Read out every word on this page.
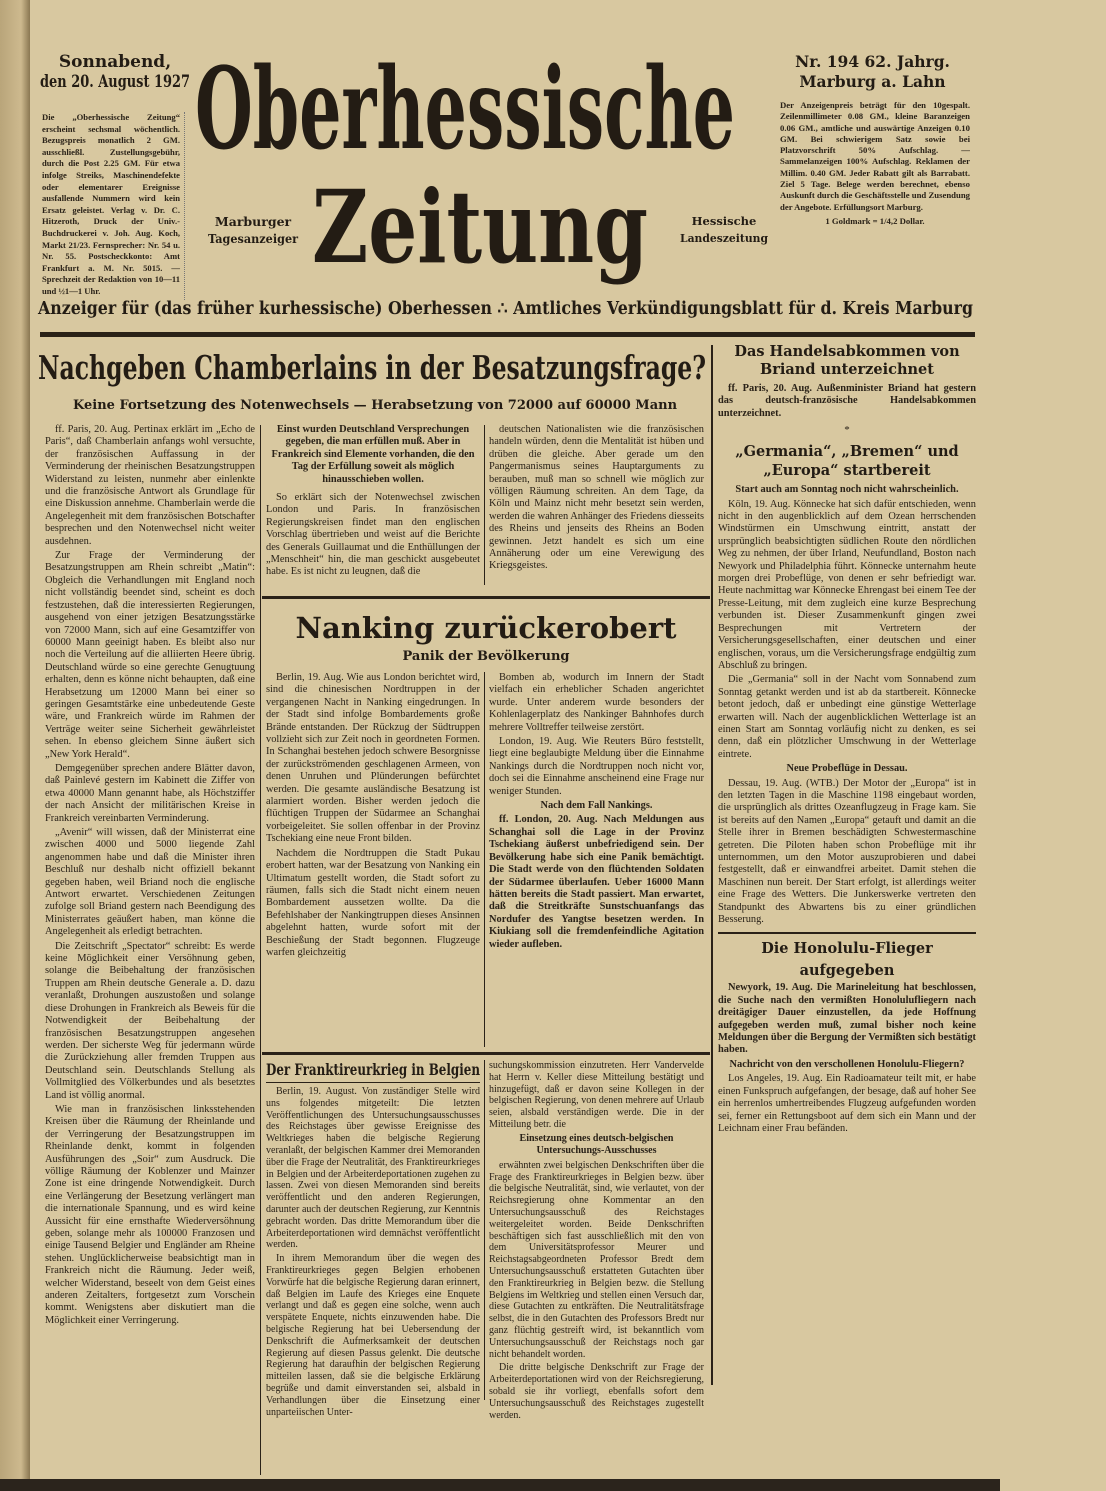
Sonnabend,
den 20. August 1927

Die „Oberhessische Zeitung“ erscheint sechsmal wöchentlich. Bezugspreis monatlich 2 GM. ausschließl. Zustellungsgebühr, durch die Post 2.25 GM. Für etwa infolge Streiks, Maschinendefekte oder elementarer Ereignisse ausfallende Nummern wird kein Ersatz geleistet. Verlag v. Dr. C. Hitzeroth, Druck der Univ.-Buchdruckerei v. Joh. Aug. Koch, Markt 21/23. Fernsprecher: Nr. 54 u. Nr. 55. Postscheckkonto: Amt Frankfurt a. M. Nr. 5015. — Sprechzeit der Redaktion von 10—11 und ½1—1 Uhr.

Oberhessische
Zeitung
Marburger
Tagesanzeiger
Hessische
Landeszeitung
Nr. 194 62. Jahrg.
Marburg a. Lahn

Der Anzeigenpreis beträgt für den 10gespalt. Zeilenmillimeter 0.08 GM., kleine Baranzeigen 0.06 GM., amtliche und auswärtige Anzeigen 0.10 GM. Bei schwierigem Satz sowie bei Platzvorschrift 50% Aufschlag. — Sammelanzeigen 100% Aufschlag. Reklamen der Millim. 0.40 GM. Jeder Rabatt gilt als Barrabatt. Ziel 5 Tage. Belege werden berechnet, ebenso Auskunft durch die Geschäftsstelle und Zusendung der Angebote. Erfüllungsort Marburg.

1 Goldmark = 1/4,2 Dollar.

Anzeiger für (das früher kurhessische) Oberhessen ∴ Amtliches Verkündigungsblatt für d. Kreis Marburg
Nachgeben Chamberlains in der Besatzungsfrage?
Keine Fortsetzung des Notenwechsels — Herabsetzung von 72000 auf 60000 Mann

ff. Paris, 20. Aug. Pertinax erklärt im „Echo de Paris“, daß Chamberlain anfangs wohl versuchte, der französischen Auffassung in der Verminderung der rheinischen Besatzungstruppen Widerstand zu leisten, nunmehr aber einlenkte und die französische Antwort als Grundlage für eine Diskussion annehme. Chamberlain werde die Angelegenheit mit dem französischen Botschafter besprechen und den Notenwechsel nicht weiter ausdehnen.

Zur Frage der Verminderung der Besatzungstruppen am Rhein schreibt „Matin“: Obgleich die Verhandlungen mit England noch nicht vollständig beendet sind, scheint es doch festzustehen, daß die interessierten Regierungen, ausgehend von einer jetzigen Besatzungsstärke von 72000 Mann, sich auf eine Gesamtziffer von 60000 Mann geeinigt haben. Es bleibt also nur noch die Verteilung auf die alliierten Heere übrig. Deutschland würde so eine gerechte Genugtuung erhalten, denn es könne nicht behaupten, daß eine Herabsetzung um 12000 Mann bei einer so geringen Gesamtstärke eine unbedeutende Geste wäre, und Frankreich würde im Rahmen der Verträge weiter seine Sicherheit gewährleistet sehen. In ebenso gleichem Sinne äußert sich „New York Herald“.

Demgegenüber sprechen andere Blätter davon, daß Painlevé gestern im Kabinett die Ziffer von etwa 40000 Mann genannt habe, als Höchstziffer der nach Ansicht der militärischen Kreise in Frankreich vereinbarten Verminderung.

„Avenir“ will wissen, daß der Ministerrat eine zwischen 4000 und 5000 liegende Zahl angenommen habe und daß die Minister ihren Beschluß nur deshalb nicht offiziell bekannt gegeben haben, weil Briand noch die englische Antwort erwartet. Verschiedenen Zeitungen zufolge soll Briand gestern nach Beendigung des Ministerrates geäußert haben, man könne die Angelegenheit als erledigt betrachten.

Die Zeitschrift „Spectator“ schreibt: Es werde keine Möglichkeit einer Versöhnung geben, solange die Beibehaltung der französischen Truppen am Rhein deutsche Generale a. D. dazu veranlaßt, Drohungen auszustoßen und solange diese Drohungen in Frankreich als Beweis für die Notwendigkeit der Beibehaltung der französischen Besatzungstruppen angesehen werden. Der sicherste Weg für jedermann würde die Zurückziehung aller fremden Truppen aus Deutschland sein. Deutschlands Stellung als Vollmitglied des Völkerbundes und als besetztes Land ist völlig anormal.

Wie man in französischen linksstehenden Kreisen über die Räumung der Rheinlande und der Verringerung der Besatzungstruppen im Rheinlande denkt, kommt in folgenden Ausführungen des „Soir“ zum Ausdruck. Die völlige Räumung der Koblenzer und Mainzer Zone ist eine dringende Notwendigkeit. Durch eine Verlängerung der Besetzung verlängert man die internationale Spannung, und es wird keine Aussicht für eine ernsthafte Wiederversöhnung geben, solange mehr als 100000 Franzosen und einige Tausend Belgier und Engländer am Rheine stehen. Unglücklicherweise beabsichtigt man in Frankreich nicht die Räumung. Jeder weiß, welcher Widerstand, beseelt von dem Geist eines anderen Zeitalters, fortgesetzt zum Vorschein kommt. Wenigstens aber diskutiert man die Möglichkeit einer Verringerung.

Einst wurden Deutschland Versprechungen gegeben, die man erfüllen muß. Aber in Frankreich sind Elemente vorhanden, die den Tag der Erfüllung soweit als möglich hinausschieben wollen.

So erklärt sich der Notenwechsel zwischen London und Paris. In französischen Regierungskreisen findet man den englischen Vorschlag übertrieben und weist auf die Berichte des Generals Guillaumat und die Enthüllungen der „Menschheit“ hin, die man geschickt ausgebeutet habe. Es ist nicht zu leugnen, daß die

deutschen Nationalisten wie die französischen handeln würden, denn die Mentalität ist hüben und drüben die gleiche. Aber gerade um den Pangermanismus seines Hauptarguments zu berauben, muß man so schnell wie möglich zur völligen Räumung schreiten. An dem Tage, da Köln und Mainz nicht mehr besetzt sein werden, werden die wahren Anhänger des Friedens diesseits des Rheins und jenseits des Rheins an Boden gewinnen. Jetzt handelt es sich um eine Annäherung oder um eine Verewigung des Kriegsgeistes.

Nanking zurückerobert
Panik der Bevölkerung

Berlin, 19. Aug. Wie aus London berichtet wird, sind die chinesischen Nordtruppen in der vergangenen Nacht in Nanking eingedrungen. In der Stadt sind infolge Bombardements große Brände entstanden. Der Rückzug der Südtruppen vollzieht sich zur Zeit noch in geordneten Formen. In Schanghai bestehen jedoch schwere Besorgnisse der zurückströmenden geschlagenen Armeen, von denen Unruhen und Plünderungen befürchtet werden. Die gesamte ausländische Besatzung ist alarmiert worden. Bisher werden jedoch die flüchtigen Truppen der Südarmee an Schanghai vorbeigeleitet. Sie sollen offenbar in der Provinz Tschekiang eine neue Front bilden.

Nachdem die Nordtruppen die Stadt Pukau erobert hatten, war der Besatzung von Nanking ein Ultimatum gestellt worden, die Stadt sofort zu räumen, falls sich die Stadt nicht einem neuen Bombardement aussetzen wollte. Da die Befehlshaber der Nankingtruppen dieses Ansinnen abgelehnt hatten, wurde sofort mit der Beschießung der Stadt begonnen. Flugzeuge warfen gleichzeitig

Bomben ab, wodurch im Innern der Stadt vielfach ein erheblicher Schaden angerichtet wurde. Unter anderem wurde besonders der Kohlenlagerplatz des Nankinger Bahnhofes durch mehrere Volltreffer teilweise zerstört.

London, 19. Aug. Wie Reuters Büro feststellt, liegt eine beglaubigte Meldung über die Einnahme Nankings durch die Nordtruppen noch nicht vor, doch sei die Einnahme anscheinend eine Frage nur weniger Stunden.

Nach dem Fall Nankings.

ff. London, 20. Aug. Nach Meldungen aus Schanghai soll die Lage in der Provinz Tschekiang äußerst unbefriedigend sein. Der Bevölkerung habe sich eine Panik bemächtigt. Die Stadt werde von den flüchtenden Soldaten der Südarmee überlaufen. Ueber 16000 Mann hätten bereits die Stadt passiert. Man erwartet, daß die Streitkräfte Sunstschuanfangs das Nordufer des Yangtse besetzen werden. In Kiukiang soll die fremdenfeindliche Agitation wieder aufleben.

Der Franktireurkrieg in Belgien

Berlin, 19. August. Von zuständiger Stelle wird uns folgendes mitgeteilt: Die letzten Veröffentlichungen des Untersuchungsausschusses des Reichstages über gewisse Ereignisse des Weltkrieges haben die belgische Regierung veranlaßt, der belgischen Kammer drei Memoranden über die Frage der Neutralität, des Franktireurkrieges in Belgien und der Arbeiterdeportationen zugehen zu lassen. Zwei von diesen Memoranden sind bereits veröffentlicht und den anderen Regierungen, darunter auch der deutschen Regierung, zur Kenntnis gebracht worden. Das dritte Memorandum über die Arbeiterdeportationen wird demnächst veröffentlicht werden.

In ihrem Memorandum über die wegen des Franktireurkrieges gegen Belgien erhobenen Vorwürfe hat die belgische Regierung daran erinnert, daß Belgien im Laufe des Krieges eine Enquete verlangt und daß es gegen eine solche, wenn auch verspätete Enquete, nichts einzuwenden habe. Die belgische Regierung hat bei Uebersendung der Denkschrift die Aufmerksamkeit der deutschen Regierung auf diesen Passus gelenkt. Die deutsche Regierung hat daraufhin der belgischen Regierung mitteilen lassen, daß sie die belgische Erklärung begrüße und damit einverstanden sei, alsbald in Verhandlungen über die Einsetzung einer unparteiischen Unter-

suchungskommission einzutreten. Herr Vandervelde hat Herrn v. Keller diese Mitteilung bestätigt und hinzugefügt, daß er davon seine Kollegen in der belgischen Regierung, von denen mehrere auf Urlaub seien, alsbald verständigen werde. Die in der Mitteilung betr. die

Einsetzung eines deutsch-belgischen Untersuchungs-Ausschusses

erwähnten zwei belgischen Denkschriften über die Frage des Franktireurkrieges in Belgien bezw. über die belgische Neutralität, sind, wie verlautet, von der Reichsregierung ohne Kommentar an den Untersuchungsausschuß des Reichstages weitergeleitet worden. Beide Denkschriften beschäftigen sich fast ausschließlich mit den von dem Universitätsprofessor Meurer und Reichstagsabgeordneten Professor Bredt dem Untersuchungsausschuß erstatteten Gutachten über den Franktireurkrieg in Belgien bezw. die Stellung Belgiens im Weltkrieg und stellen einen Versuch dar, diese Gutachten zu entkräften. Die Neutralitätsfrage selbst, die in den Gutachten des Professors Bredt nur ganz flüchtig gestreift wird, ist bekanntlich vom Untersuchungsausschuß der Reichstags noch gar nicht behandelt worden.

Die dritte belgische Denkschrift zur Frage der Arbeiterdeportationen wird von der Reichsregierung, sobald sie ihr vorliegt, ebenfalls sofort dem Untersuchungsausschuß des Reichstages zugestellt werden.

Das Handelsabkommen von Briand unterzeichnet

ff. Paris, 20. Aug. Außenminister Briand hat gestern das deutsch-französische Handelsabkommen unterzeichnet.

*
„Germania“, „Bremen“ und „Europa“ startbereit

Start auch am Sonntag noch nicht wahrscheinlich.

Köln, 19. Aug. Könnecke hat sich dafür entschieden, wenn nicht in den augenblicklich auf dem Ozean herrschenden Windstürmen ein Umschwung eintritt, anstatt der ursprünglich beabsichtigten südlichen Route den nördlichen Weg zu nehmen, der über Irland, Neufundland, Boston nach Newyork und Philadelphia führt. Könnecke unternahm heute morgen drei Probeflüge, von denen er sehr befriedigt war. Heute nachmittag war Könnecke Ehrengast bei einem Tee der Presse-Leitung, mit dem zugleich eine kurze Besprechung verbunden ist. Dieser Zusammenkunft gingen zwei Besprechungen mit Vertretern der Versicherungsgesellschaften, einer deutschen und einer englischen, voraus, um die Versicherungsfrage endgültig zum Abschluß zu bringen.

Die „Germania“ soll in der Nacht vom Sonnabend zum Sonntag getankt werden und ist ab da startbereit. Könnecke betont jedoch, daß er unbedingt eine günstige Wetterlage erwarten will. Nach der augenblicklichen Wetterlage ist an einen Start am Sonntag vorläufig nicht zu denken, es sei denn, daß ein plötzlicher Umschwung in der Wetterlage eintrete.

Neue Probeflüge in Dessau.

Dessau, 19. Aug. (WTB.) Der Motor der „Europa“ ist in den letzten Tagen in die Maschine 1198 eingebaut worden, die ursprünglich als drittes Ozeanflugzeug in Frage kam. Sie ist bereits auf den Namen „Europa“ getauft und damit an die Stelle ihrer in Bremen beschädigten Schwestermaschine getreten. Die Piloten haben schon Probeflüge mit ihr unternommen, um den Motor auszuprobieren und dabei festgestellt, daß er einwandfrei arbeitet. Damit stehen die Maschinen nun bereit. Der Start erfolgt, ist allerdings weiter eine Frage des Wetters. Die Junkerswerke vertreten den Standpunkt des Abwartens bis zu einer gründlichen Besserung.

Die Honolulu-Flieger aufgegeben

Newyork, 19. Aug. Die Marineleitung hat beschlossen, die Suche nach den vermißten Honolulufliegern nach dreitägiger Dauer einzustellen, da jede Hoffnung aufgegeben werden muß, zumal bisher noch keine Meldungen über die Bergung der Vermißten sich bestätigt haben.

Nachricht von den verschollenen Honolulu-Fliegern?

Los Angeles, 19. Aug. Ein Radioamateur teilt mit, er habe einen Funkspruch aufgefangen, der besage, daß auf hoher See ein herrenlos umhertreibendes Flugzeug aufgefunden worden sei, ferner ein Rettungsboot auf dem sich ein Mann und der Leichnam einer Frau befänden.
